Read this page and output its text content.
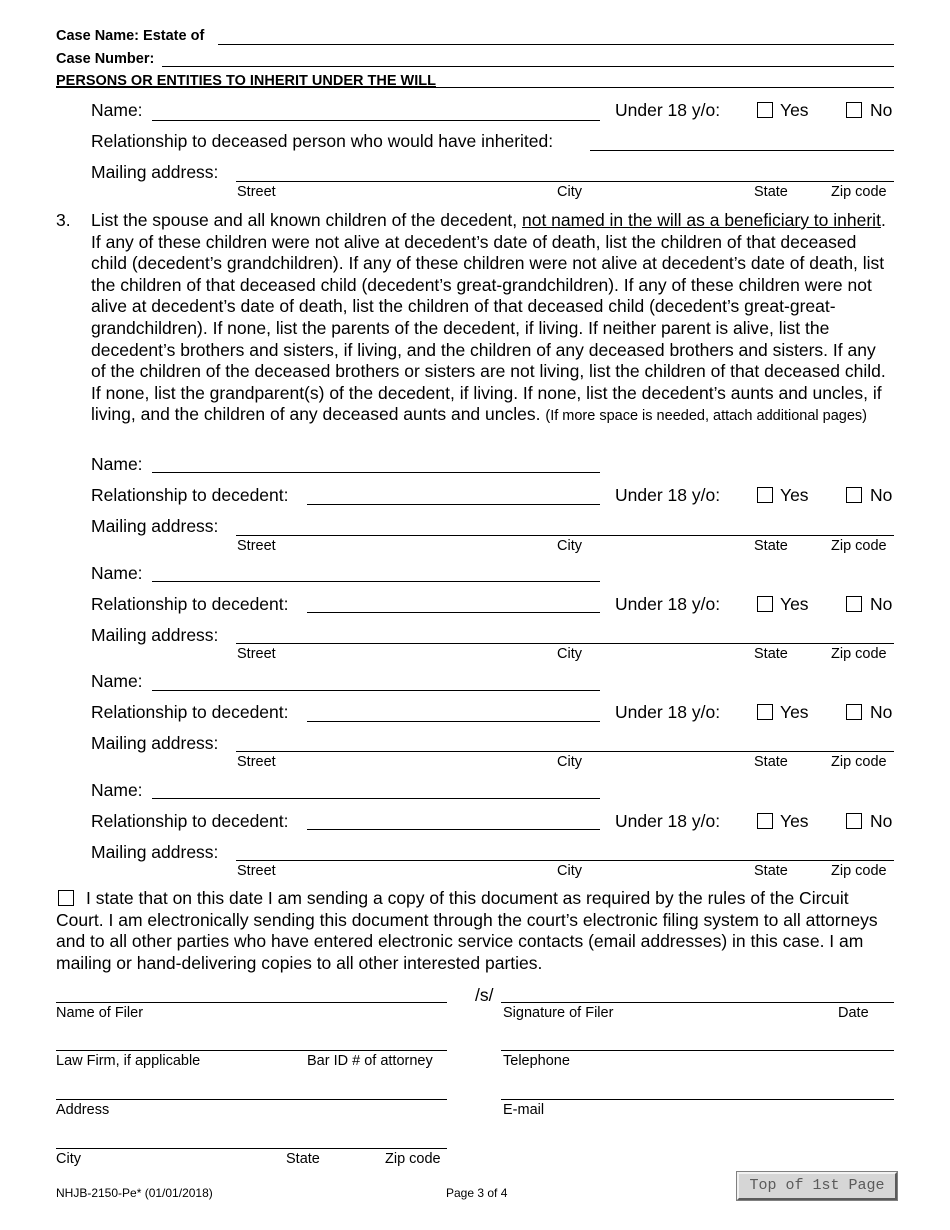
Case Name: Estate of
Case Number:
PERSONS OR ENTITIES TO INHERIT UNDER THE WILL
Name:	Under 18 y/o:	Yes	No
Relationship to deceased person who would have inherited:
Mailing address:
Street	City	State	Zip code
3. List the spouse and all known children of the decedent, not named in the will as a beneficiary to inherit. If any of these children were not alive at decedent’s date of death, list the children of that deceased child (decedent’s grandchildren). If any of these children were not alive at decedent’s date of death, list the children of that deceased child (decedent’s great-grandchildren). If any of these children were not alive at decedent’s date of death, list the children of that deceased child (decedent’s great-great-grandchildren). If none, list the parents of the decedent, if living. If neither parent is alive, list the decedent’s brothers and sisters, if living, and the children of any deceased brothers and sisters. If any of the children of the deceased brothers or sisters are not living, list the children of that deceased child. If none, list the grandparent(s) of the decedent, if living. If none, list the decedent’s aunts and uncles, if living, and the children of any deceased aunts and uncles. (If more space is needed, attach additional pages)
Name:
Relationship to decedent:	Under 18 y/o:	Yes	No
Mailing address:
Street	City	State	Zip code
Name:
Relationship to decedent:	Under 18 y/o:	Yes	No
Mailing address:
Street	City	State	Zip code
Name:
Relationship to decedent:	Under 18 y/o:	Yes	No
Mailing address:
Street	City	State	Zip code
Name:
Relationship to decedent:	Under 18 y/o:	Yes	No
Mailing address:
Street	City	State	Zip code
I state that on this date I am sending a copy of this document as required by the rules of the Circuit Court. I am electronically sending this document through the court’s electronic filing system to all attorneys and to all other parties who have entered electronic service contacts (email addresses) in this case. I am mailing or hand-delivering copies to all other interested parties.
Name of Filer
/s/
Signature of Filer	Date
Law Firm, if applicable	Bar ID # of attorney	Telephone
Address	E-mail
City	State	Zip code
NHJB-2150-Pe* (01/01/2018)	Page 3 of 4	Top of 1st Page
